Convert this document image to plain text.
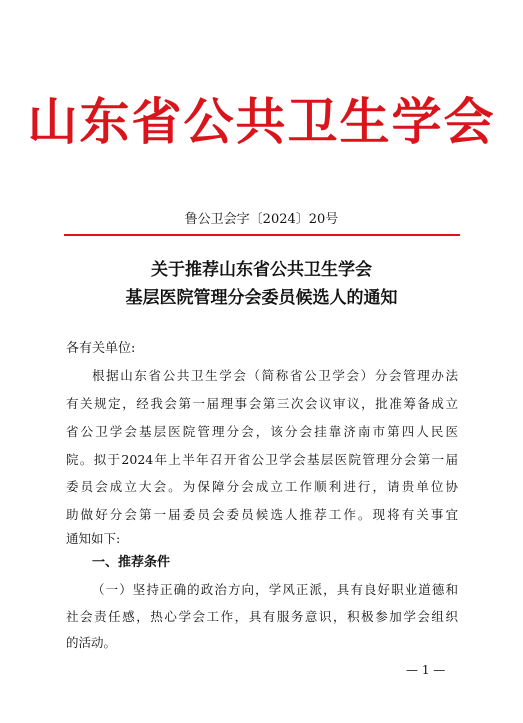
山东省公共卫生学会
鲁公卫会字〔2024〕20号
关于推荐山东省公共卫生学会
基层医院管理分会委员候选人的通知
各有关单位:
根据山东省公共卫生学会（简称省公卫学会）分会管理办法
有关规定，经我会第一届理事会第三次会议审议，批准筹备成立
省公卫学会基层医院管理分会，该分会挂靠济南市第四人民医
院。拟于2024年上半年召开省公卫学会基层医院管理分会第一届
委员会成立大会。为保障分会成立工作顺利进行，请贵单位协
助做好分会第一届委员会委员候选人推荐工作。现将有关事宜
通知如下:
一、推荐条件
（一）坚持正确的政治方向，学风正派，具有良好职业道德和
社会责任感，热心学会工作，具有服务意识，积极参加学会组织
的活动。
— 1 —
